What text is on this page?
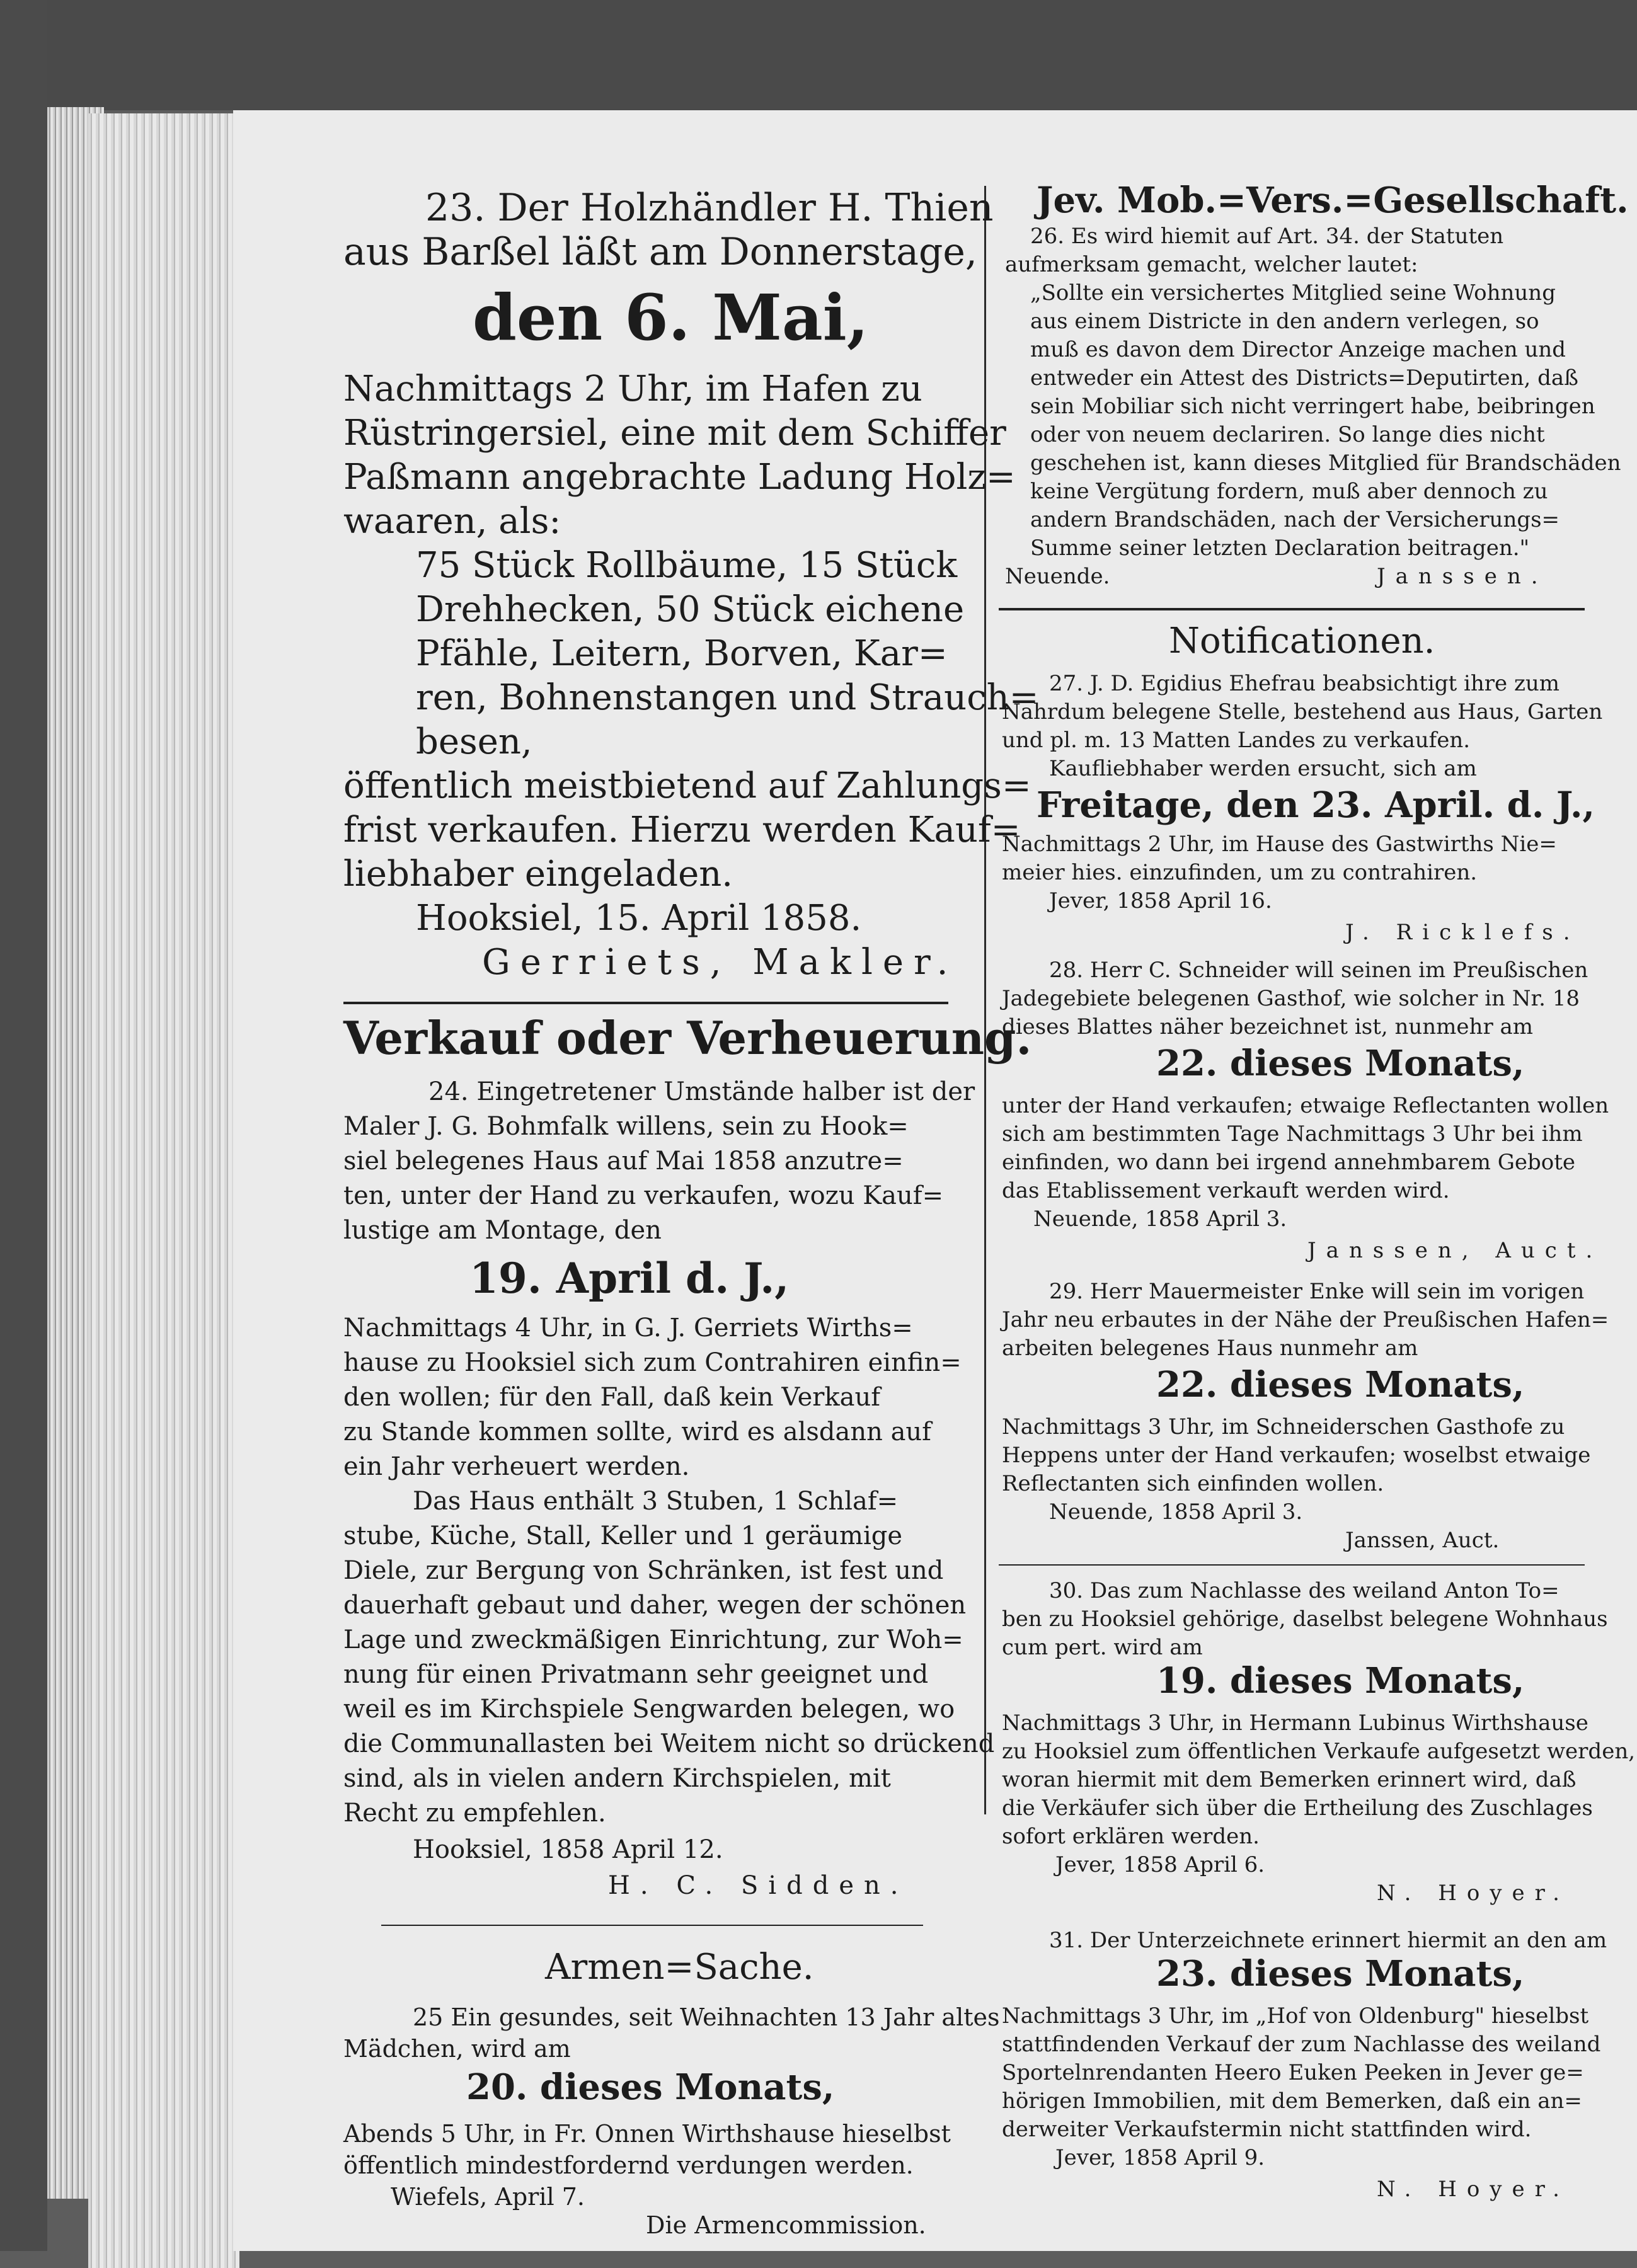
23. Der Holzhändler H. Thien
aus Barßel läßt am Donnerstage,
den 6. Mai,
Nachmittags 2 Uhr, im Hafen zu
Rüstringersiel, eine mit dem Schiffer
Paßmann angebrachte Ladung Holz=
waaren, als:
75 Stück Rollbäume, 15 Stück
Drehhecken, 50 Stück eichene
Pfähle, Leitern, Borven, Kar=
ren, Bohnenstangen und Strauch=
besen,
öffentlich meistbietend auf Zahlungs=
frist verkaufen. Hierzu werden Kauf=
liebhaber eingeladen.
Hooksiel, 15. April 1858.
Gerriets, Makler.
Verkauf oder Verheuerung.
24. Eingetretener Umstände halber ist der
Maler J. G. Bohmfalk willens, sein zu Hook=
siel belegenes Haus auf Mai 1858 anzutre=
ten, unter der Hand zu verkaufen, wozu Kauf=
lustige am Montage, den
19. April d. J.,
Nachmittags 4 Uhr, in G. J. Gerriets Wirths=
hause zu Hooksiel sich zum Contrahiren einfin=
den wollen; für den Fall, daß kein Verkauf
zu Stande kommen sollte, wird es alsdann auf
ein Jahr verheuert werden.
Das Haus enthält 3 Stuben, 1 Schlaf=
stube, Küche, Stall, Keller und 1 geräumige
Diele, zur Bergung von Schränken, ist fest und
dauerhaft gebaut und daher, wegen der schönen
Lage und zweckmäßigen Einrichtung, zur Woh=
nung für einen Privatmann sehr geeignet und
weil es im Kirchspiele Sengwarden belegen, wo
die Communallasten bei Weitem nicht so drückend
sind, als in vielen andern Kirchspielen, mit
Recht zu empfehlen.
Hooksiel, 1858 April 12.
H. C. Sidden.
Armen=Sache.
25 Ein gesundes, seit Weihnachten 13 Jahr altes
Mädchen, wird am
20. dieses Monats,
Abends 5 Uhr, in Fr. Onnen Wirthshause hieselbst
öffentlich mindestfordernd verdungen werden.
Wiefels, April 7.
Die Armencommission.
Jev. Mob.=Vers.=Gesellschaft.
26. Es wird hiemit auf Art. 34. der Statuten
aufmerksam gemacht, welcher lautet:
„Sollte ein versichertes Mitglied seine Wohnung
aus einem Districte in den andern verlegen, so
muß es davon dem Director Anzeige machen und
entweder ein Attest des Districts=Deputirten, daß
sein Mobiliar sich nicht verringert habe, beibringen
oder von neuem declariren. So lange dies nicht
geschehen ist, kann dieses Mitglied für Brandschäden
keine Vergütung fordern, muß aber dennoch zu
andern Brandschäden, nach der Versicherungs=
Summe seiner letzten Declaration beitragen."
Neuende.	Janssen.
Notificationen.
27. J. D. Egidius Ehefrau beabsichtigt ihre zum
Nahrdum belegene Stelle, bestehend aus Haus, Garten
und pl. m. 13 Matten Landes zu verkaufen.
Kaufliebhaber werden ersucht, sich am
Freitage, den 23. April. d. J.,
Nachmittags 2 Uhr, im Hause des Gastwirths Nie=
meier hies. einzufinden, um zu contrahiren.
Jever, 1858 April 16.
J. Ricklefs.
28. Herr C. Schneider will seinen im Preußischen
Jadegebiete belegenen Gasthof, wie solcher in Nr. 18
dieses Blattes näher bezeichnet ist, nunmehr am
22. dieses Monats,
unter der Hand verkaufen; etwaige Reflectanten wollen
sich am bestimmten Tage Nachmittags 3 Uhr bei ihm
einfinden, wo dann bei irgend annehmbarem Gebote
das Etablissement verkauft werden wird.
Neuende, 1858 April 3.
Janssen, Auct.
29. Herr Mauermeister Enke will sein im vorigen
Jahr neu erbautes in der Nähe der Preußischen Hafen=
arbeiten belegenes Haus nunmehr am
22. dieses Monats,
Nachmittags 3 Uhr, im Schneiderschen Gasthofe zu
Heppens unter der Hand verkaufen; woselbst etwaige
Reflectanten sich einfinden wollen.
Neuende, 1858 April 3.
Janssen, Auct.
30. Das zum Nachlasse des weiland Anton To=
ben zu Hooksiel gehörige, daselbst belegene Wohnhaus
cum pert. wird am
19. dieses Monats,
Nachmittags 3 Uhr, in Hermann Lubinus Wirthshause
zu Hooksiel zum öffentlichen Verkaufe aufgesetzt werden,
woran hiermit mit dem Bemerken erinnert wird, daß
die Verkäufer sich über die Ertheilung des Zuschlages
sofort erklären werden.
Jever, 1858 April 6.
N. Hoyer.
31. Der Unterzeichnete erinnert hiermit an den am
23. dieses Monats,
Nachmittags 3 Uhr, im „Hof von Oldenburg" hieselbst
stattfindenden Verkauf der zum Nachlasse des weiland
Sportelnrendanten Heero Euken Peeken in Jever ge=
hörigen Immobilien, mit dem Bemerken, daß ein an=
derweiter Verkaufstermin nicht stattfinden wird.
Jever, 1858 April 9.
N. Hoyer.
